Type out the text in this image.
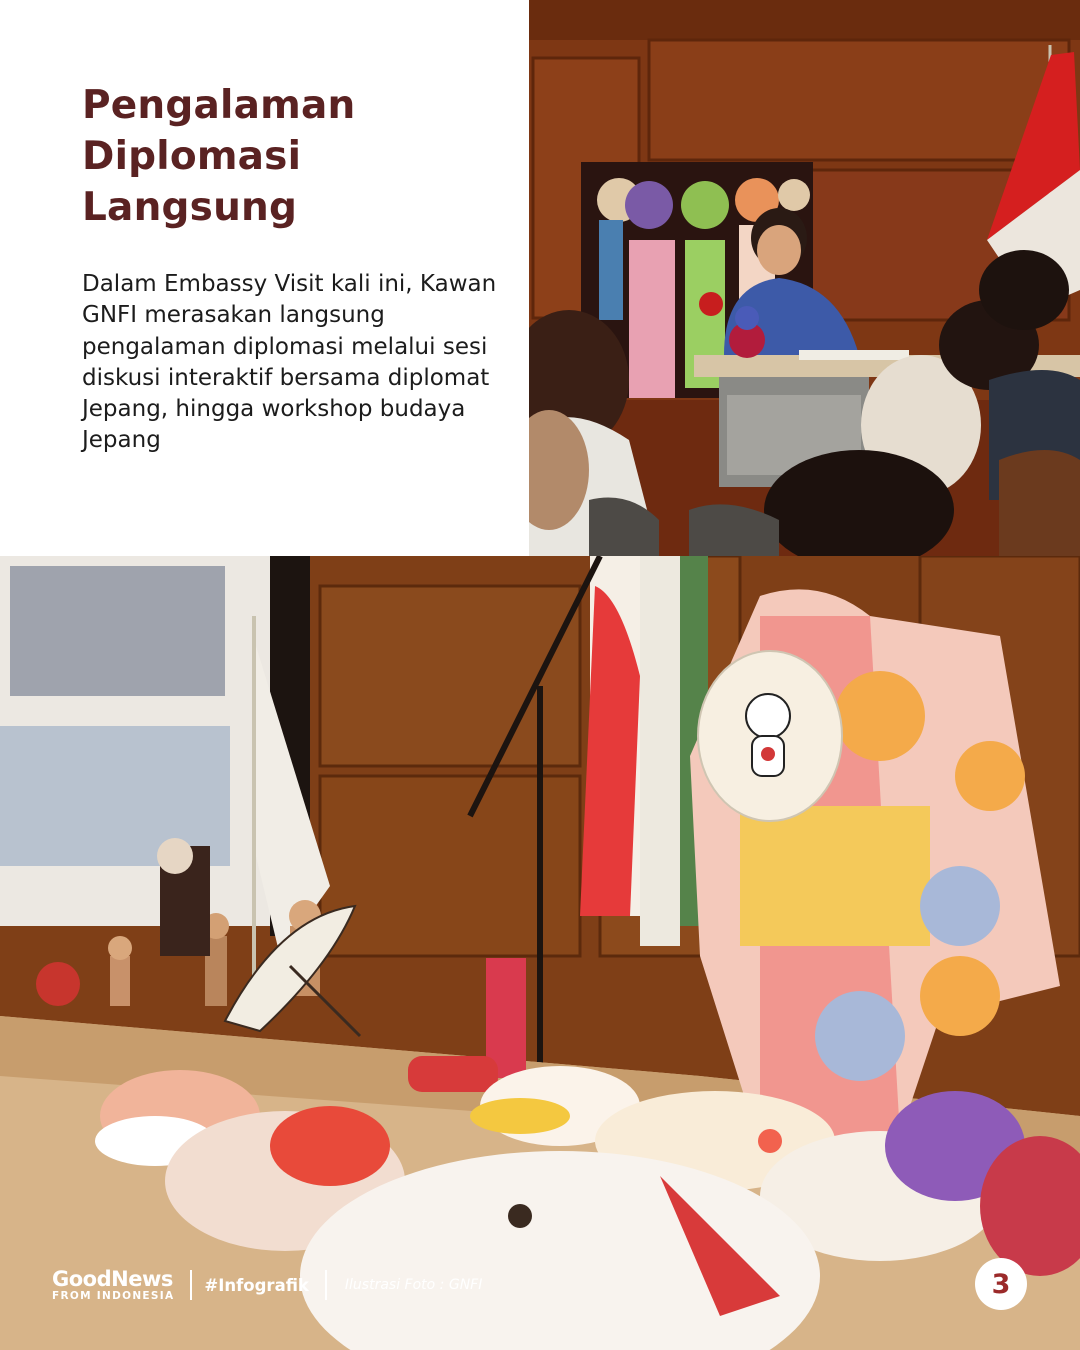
Pengalaman Diplomasi Langsung

Dalam Embassy Visit kali ini, Kawan GNFI merasakan langsung pengalaman diplomasi melalui sesi diskusi interaktif bersama diplomat Jepang, hingga workshop budaya Jepang

GoodNews
FROM INDONESIA
#Infografik	Ilustrasi Foto : GNFI	3
